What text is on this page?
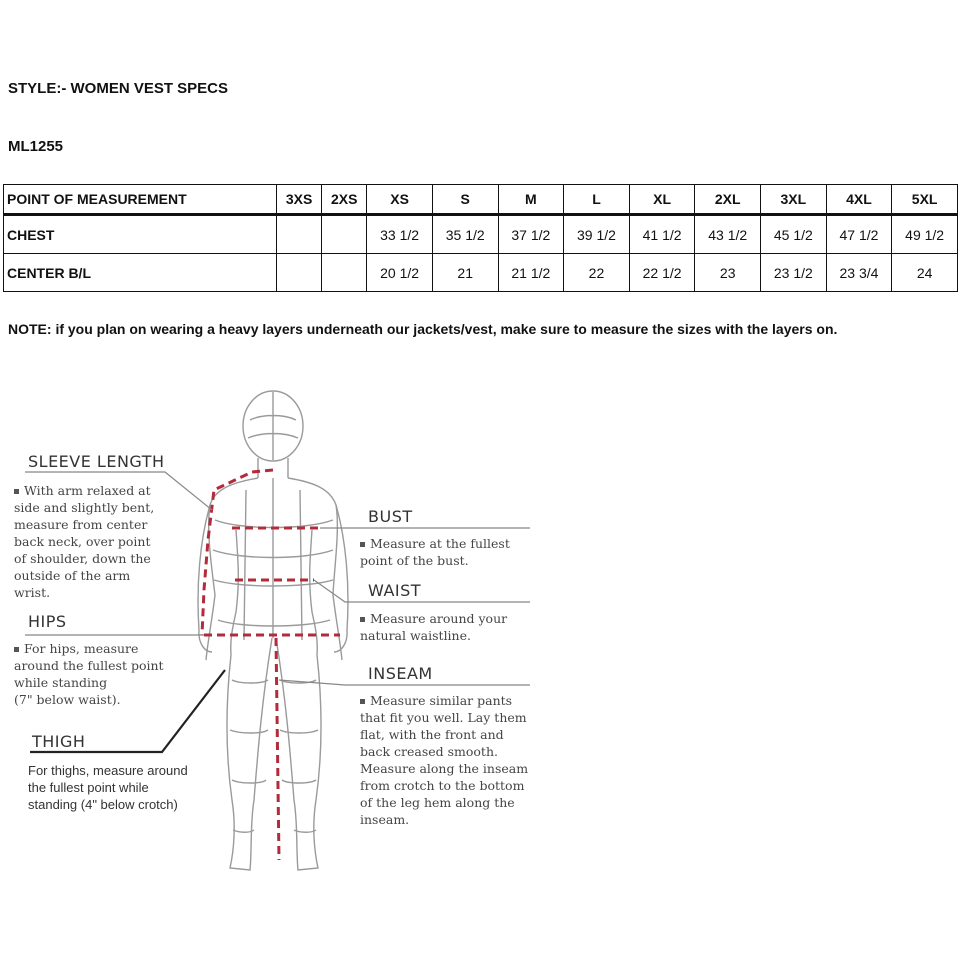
STYLE:- WOMEN VEST SPECS
ML1255
POINT OF MEASUREMENT	3XS	2XS	XS	S	M	L	XL	2XL	3XL	4XL	5XL
CHEST			33 1/2	35 1/2	37 1/2	39 1/2	41 1/2	43 1/2	45 1/2	47 1/2	49 1/2
CENTER B/L			20 1/2	21	21 1/2	22	22 1/2	23	23 1/2	23 3/4	24
NOTE: if you plan on wearing a heavy layers underneath our jackets/vest, make sure to measure the sizes with the layers on.
SLEEVE LENGTH
With arm relaxed at
side and slightly bent,
measure from center
back neck, over point
of shoulder, down the
outside of the arm
wrist.
HIPS
For hips, measure
around the fullest point
while standing
(7" below waist).
THIGH
For thighs, measure around
the fullest point while
standing (4" below crotch)
BUST
Measure at the fullest
point of the bust.
WAIST
Measure around your
natural waistline.
INSEAM
Measure similar pants
that fit you well. Lay them
flat, with the front and
back creased smooth.
Measure along the inseam
from crotch to the bottom
of the leg hem along the
inseam.
